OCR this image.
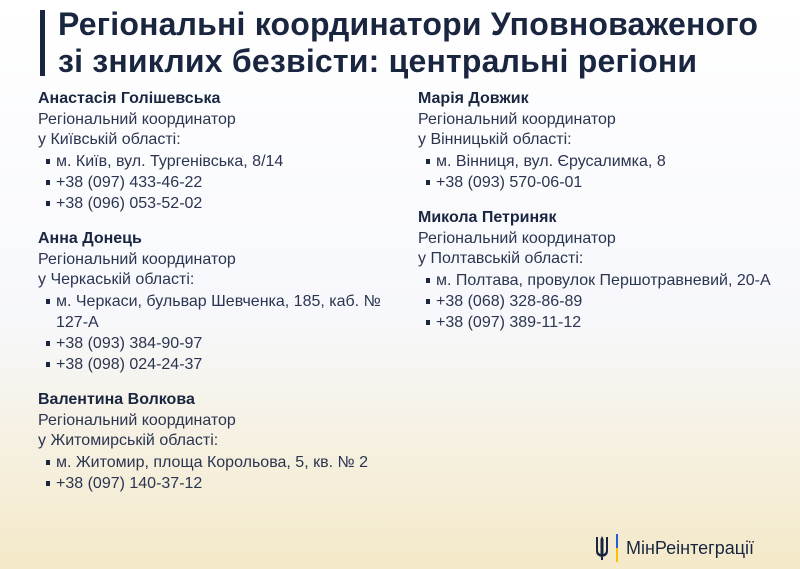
Регіональні координатори Уповноваженого
зі зниклих безвісти: центральні регіони
Анастасія Голішевська
Регіональний координатор
у Київській області:
м. Київ, вул. Тургенівська, 8/14
+38 (097) 433-46-22
+38 (096) 053-52-02
Анна Донець
Регіональний координатор
у Черкаській області:
м. Черкаси, бульвар Шевченка, 185, каб. № 127-А
+38 (093) 384-90-97
+38 (098) 024-24-37
Валентина Волкова
Регіональний координатор
у Житомирській області:
м. Житомир, площа Корольова, 5, кв. № 2
+38 (097) 140-37-12
Марія Довжик
Регіональний координатор
у Вінницькій області:
м. Вінниця, вул. Єрусалимка, 8
+38 (093) 570-06-01
Микола Петриняк
Регіональний координатор
у Полтавській області:
м. Полтава, провулок Першотравневий, 20-А
+38 (068) 328-86-89
+38 (097) 389-11-12
МінРеінтеграції
